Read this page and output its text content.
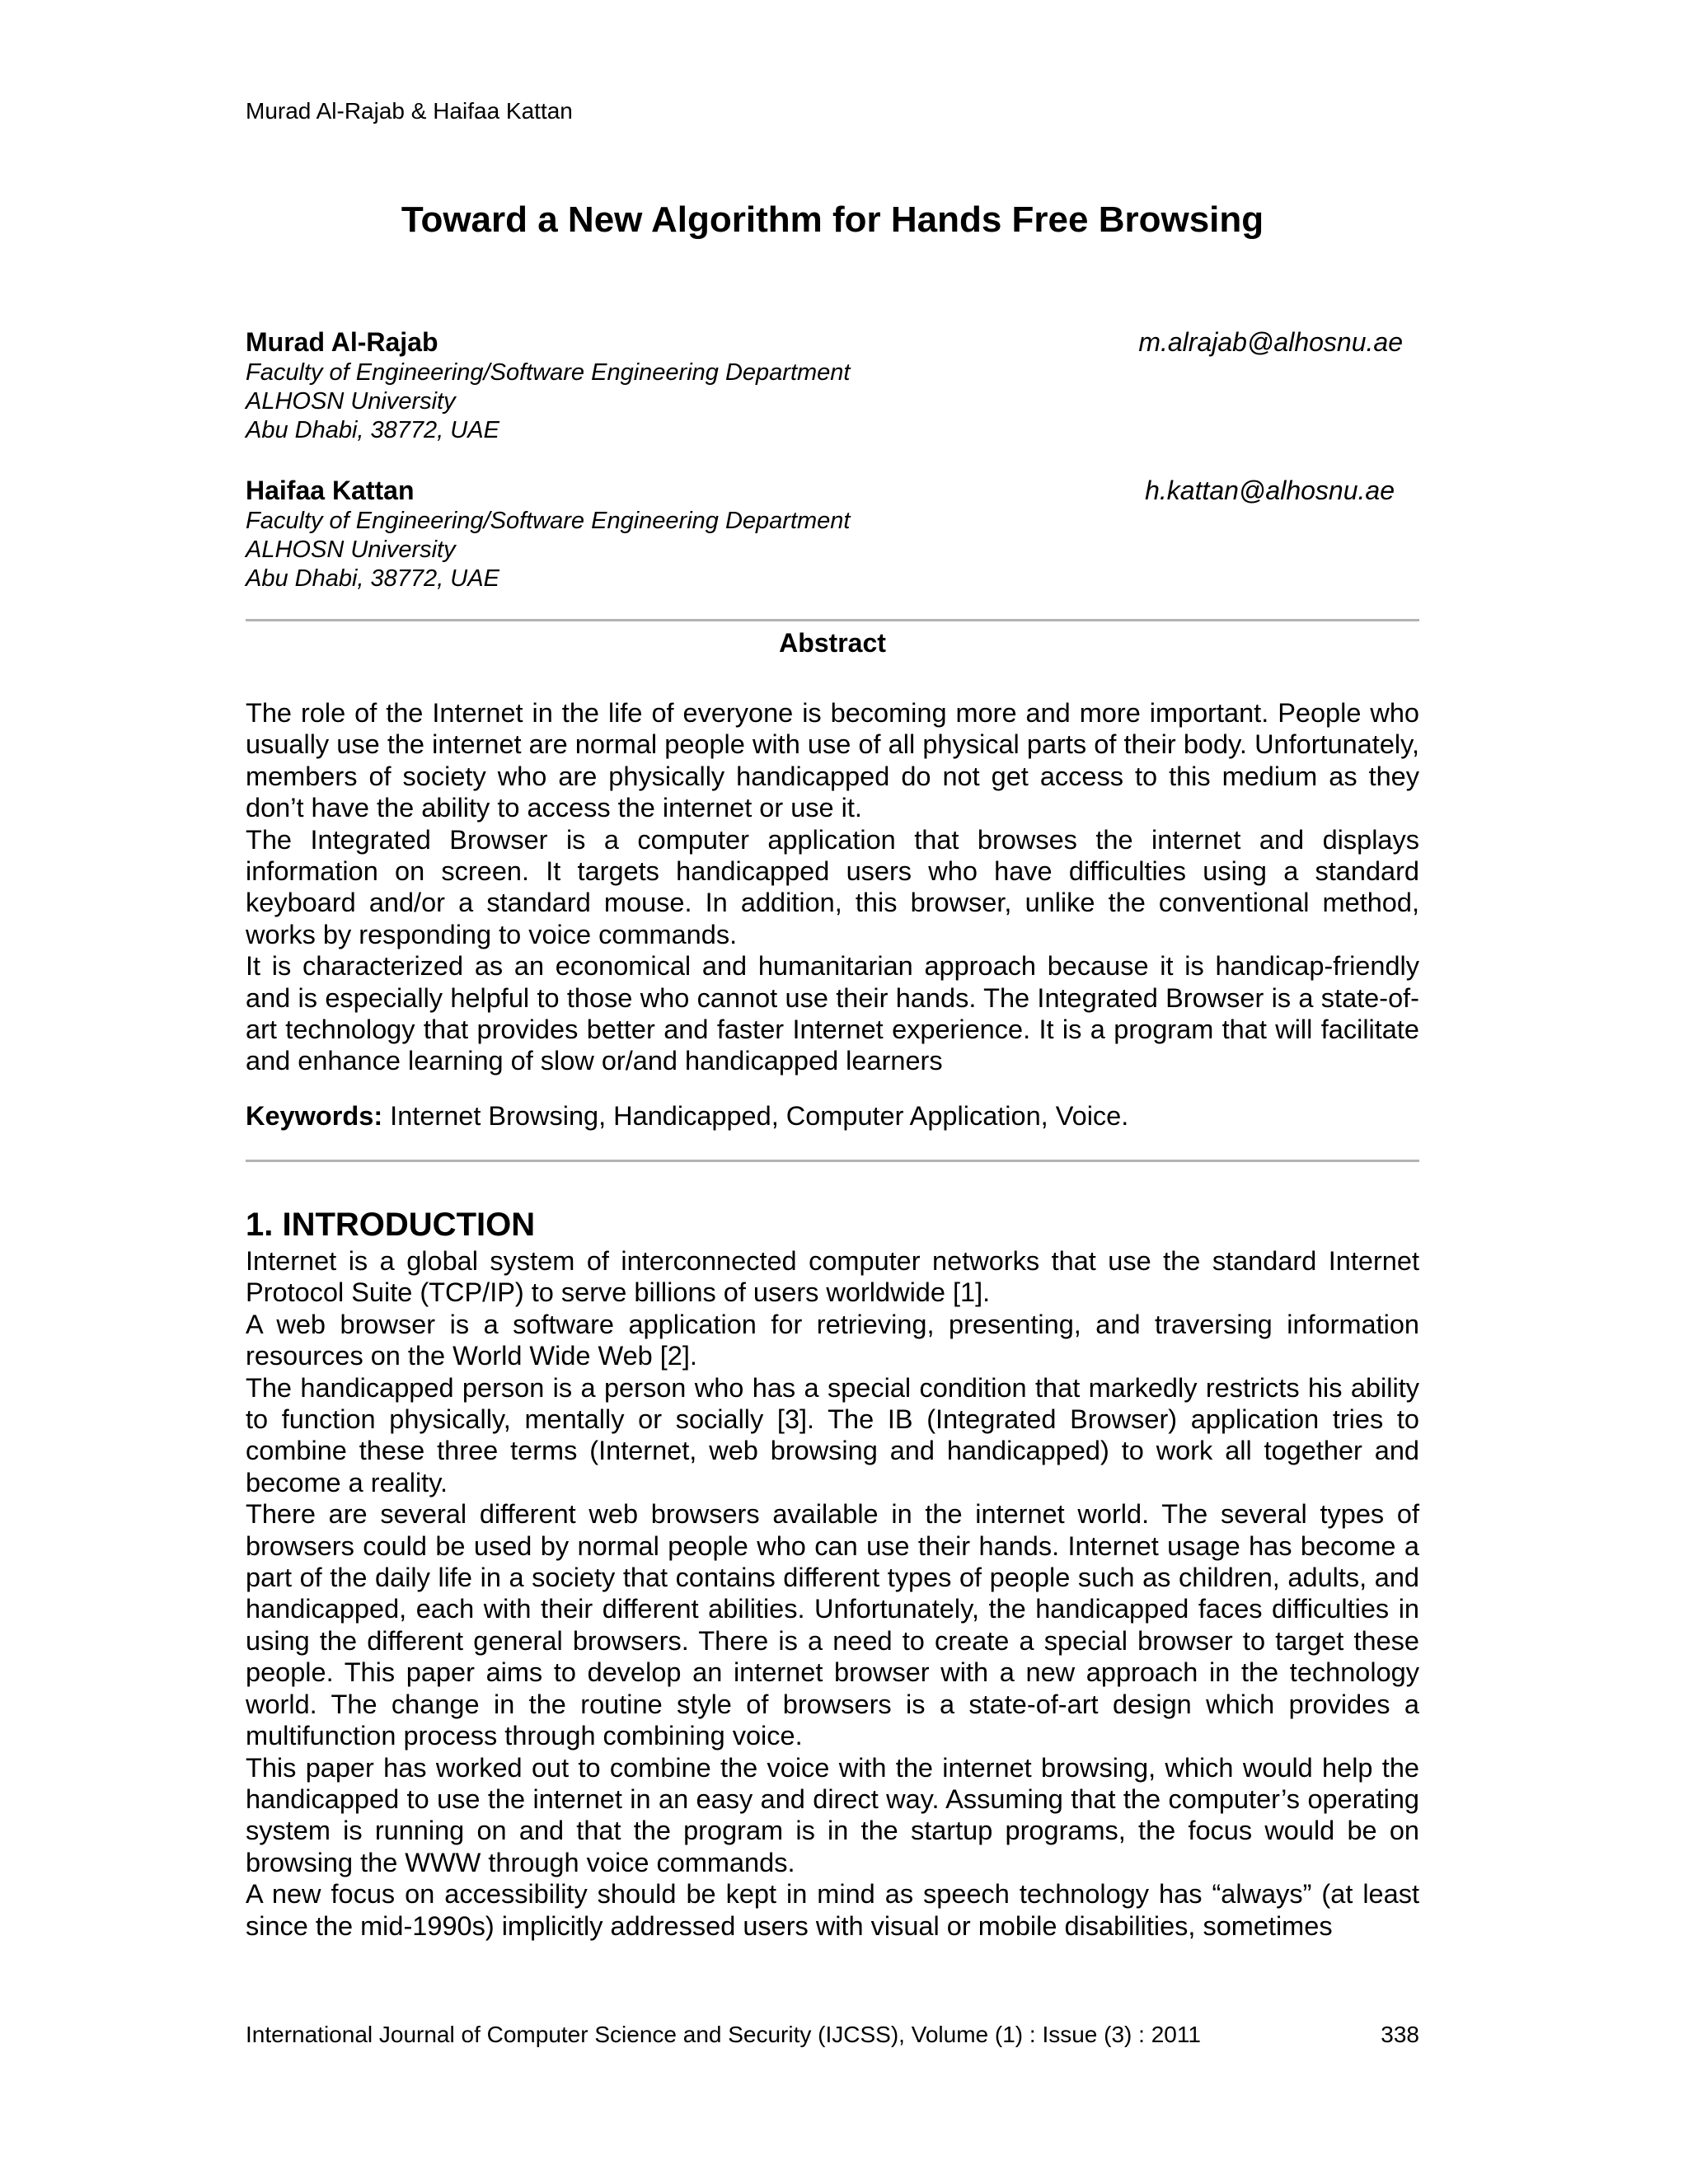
Murad Al-Rajab & Haifaa Kattan
Toward a New Algorithm for Hands Free Browsing
Murad Al-Rajab	m.alrajab@alhosnu.ae
Faculty of Engineering/Software Engineering Department
ALHOSN University
Abu Dhabi, 38772, UAE
Haifaa Kattan	h.kattan@alhosnu.ae
Faculty of Engineering/Software Engineering Department
ALHOSN University
Abu Dhabi, 38772, UAE
Abstract

The role of the Internet in the life of everyone is becoming more and more important. People who usually use the internet are normal people with use of all physical parts of their body. Unfortunately, members of society who are physically handicapped do not get access to this medium as they don’t have the ability to access the internet or use it.

The Integrated Browser is a computer application that browses the internet and displays information on screen. It targets handicapped users who have difficulties using a standard keyboard and/or a standard mouse. In addition, this browser, unlike the conventional method, works by responding to voice commands.

It is characterized as an economical and humanitarian approach because it is handicap-friendly and is especially helpful to those who cannot use their hands. The Integrated Browser is a state-of-art technology that provides better and faster Internet experience. It is a program that will facilitate and enhance learning of slow or/and handicapped learners

Keywords: Internet Browsing, Handicapped, Computer Application, Voice.
1. INTRODUCTION

Internet is a global system of interconnected computer networks that use the standard Internet Protocol Suite (TCP/IP) to serve billions of users worldwide [1].

A web browser is a software application for retrieving, presenting, and traversing information resources on the World Wide Web [2].

The handicapped person is a person who has a special condition that markedly restricts his ability to function physically, mentally or socially [3]. The IB (Integrated Browser) application tries to combine these three terms (Internet, web browsing and handicapped) to work all together and become a reality.

There are several different web browsers available in the internet world. The several types of browsers could be used by normal people who can use their hands. Internet usage has become a part of the daily life in a society that contains different types of people such as children, adults, and handicapped, each with their different abilities. Unfortunately, the handicapped faces difficulties in using the different general browsers. There is a need to create a special browser to target these people. This paper aims to develop an internet browser with a new approach in the technology world. The change in the routine style of browsers is a state-of-art design which provides a multifunction process through combining voice.

This paper has worked out to combine the voice with the internet browsing, which would help the handicapped to use the internet in an easy and direct way. Assuming that the computer’s operating system is running on and that the program is in the startup programs, the focus would be on browsing the WWW through voice commands.

A new focus on accessibility should be kept in mind as speech technology has “always” (at least since the mid-1990s) implicitly addressed users with visual or mobile disabilities, sometimes

International Journal of Computer Science and Security (IJCSS), Volume (1) : Issue (3) : 2011	338
